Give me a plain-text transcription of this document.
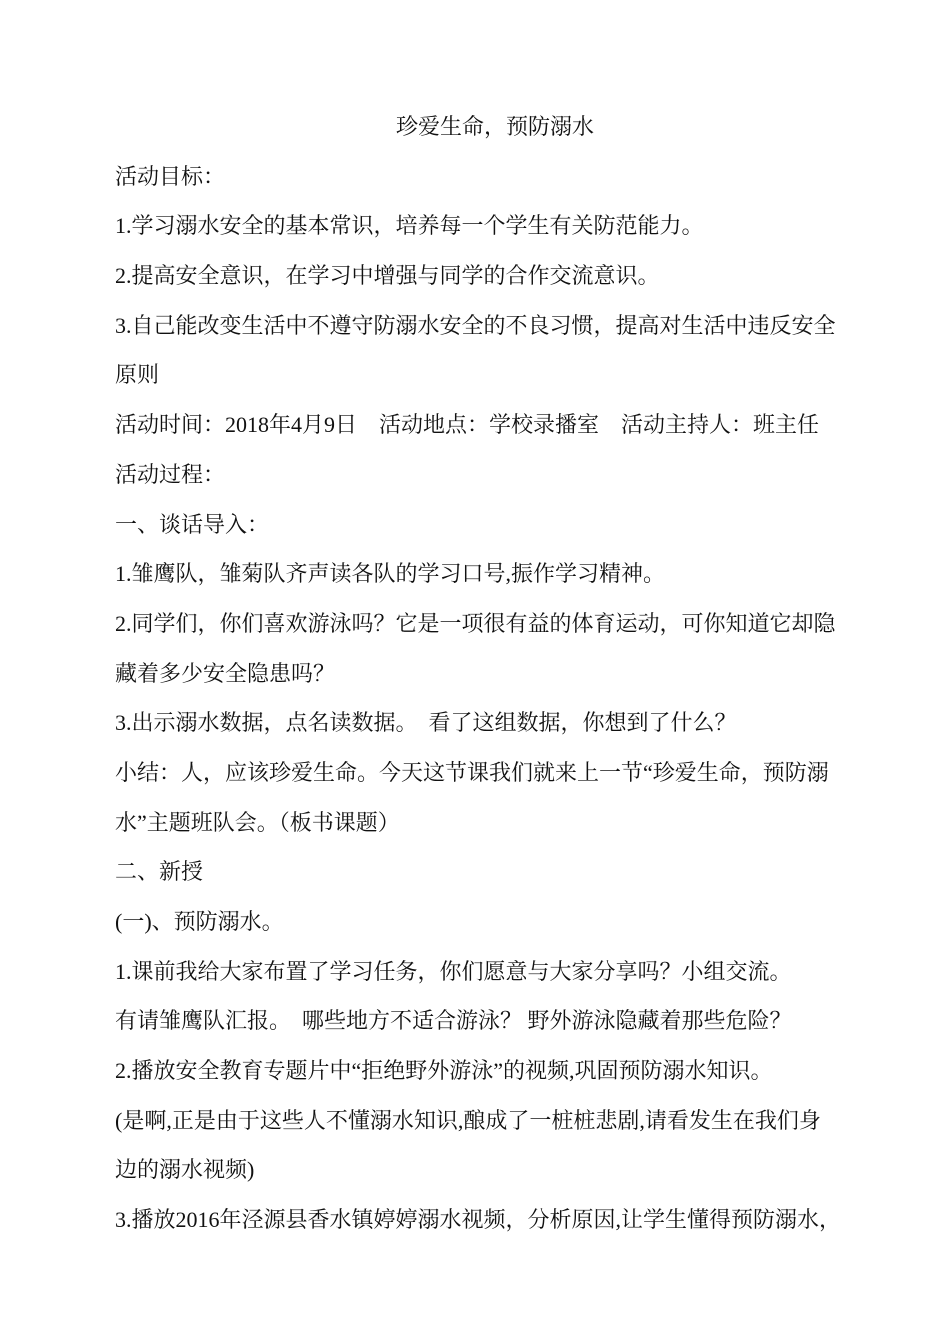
珍爱生命，预防溺水
活动目标：
1.学习溺水安全的基本常识，培养每一个学生有关防范能力。
2.提高安全意识，在学习中增强与同学的合作交流意识。
3.自己能改变生活中不遵守防溺水安全的不良习惯，提高对生活中违反安全
原则
活动时间：2018年4月9日　活动地点：学校录播室　活动主持人：班主任
活动过程：
一、谈话导入：
1.雏鹰队，雏菊队齐声读各队的学习口号,振作学习精神。
2.同学们，你们喜欢游泳吗？它是一项很有益的体育运动，可你知道它却隐
藏着多少安全隐患吗？
3.出示溺水数据，点名读数据。　看了这组数据，你想到了什么？
小结：人，应该珍爱生命。今天这节课我们就来上一节“珍爱生命，预防溺
水”主题班队会。（板书课题）
二、新授
(一)、预防溺水。
1.课前我给大家布置了学习任务，你们愿意与大家分享吗？小组交流。
有请雏鹰队汇报。　哪些地方不适合游泳？ 野外游泳隐藏着那些危险？
2.播放安全教育专题片中“拒绝野外游泳”的视频,巩固预防溺水知识。
(是啊,正是由于这些人不懂溺水知识,酿成了一桩桩悲剧,请看发生在我们身
边的溺水视频)
3.播放2016年泾源县香水镇婷婷溺水视频，分析原因,让学生懂得预防溺水，
